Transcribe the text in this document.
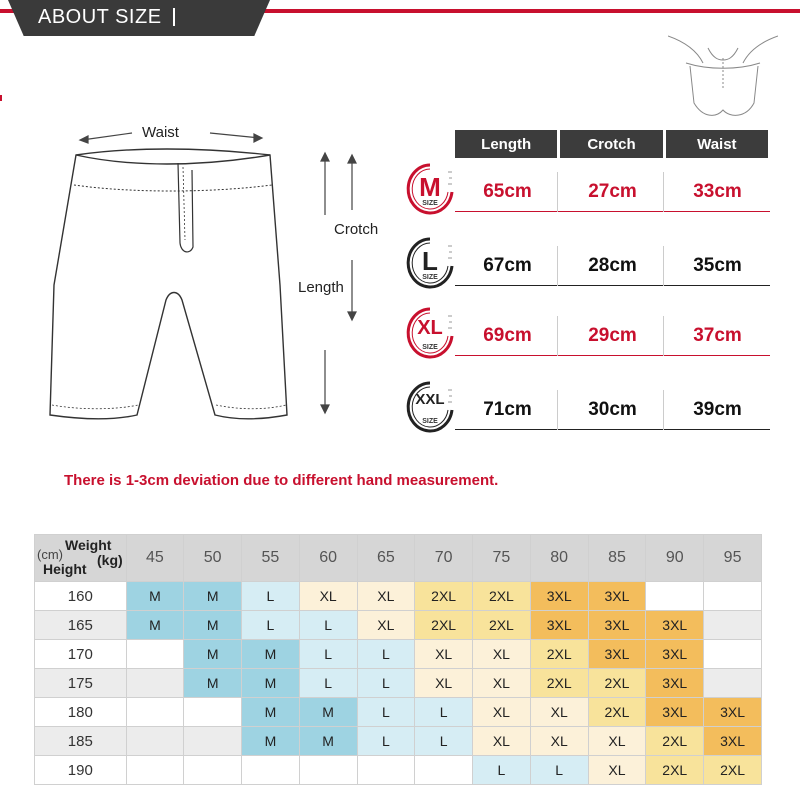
ABOUT SIZE
Waist
Crotch
Length
Length	Crotch	Waist
M
SIZE
65cm	27cm	33cm
L
SIZE
67cm	28cm	35cm
XL
SIZE
69cm	29cm	37cm
XXL
SIZE
71cm	30cm	39cm
There is 1-3cm deviation due to different hand measurement.
Weight
(kg)
(cm)
Height	45	50	55	60	65	70	75	80	85	90	95
160	M	M	L	XL	XL	2XL	2XL	3XL	3XL		
165	M	M	L	L	XL	2XL	2XL	3XL	3XL	3XL	
170		M	M	L	L	XL	XL	2XL	3XL	3XL	
175		M	M	L	L	XL	XL	2XL	2XL	3XL	
180			M	M	L	L	XL	XL	2XL	3XL	3XL
185			M	M	L	L	XL	XL	XL	2XL	3XL
190							L	L	XL	2XL	2XL
